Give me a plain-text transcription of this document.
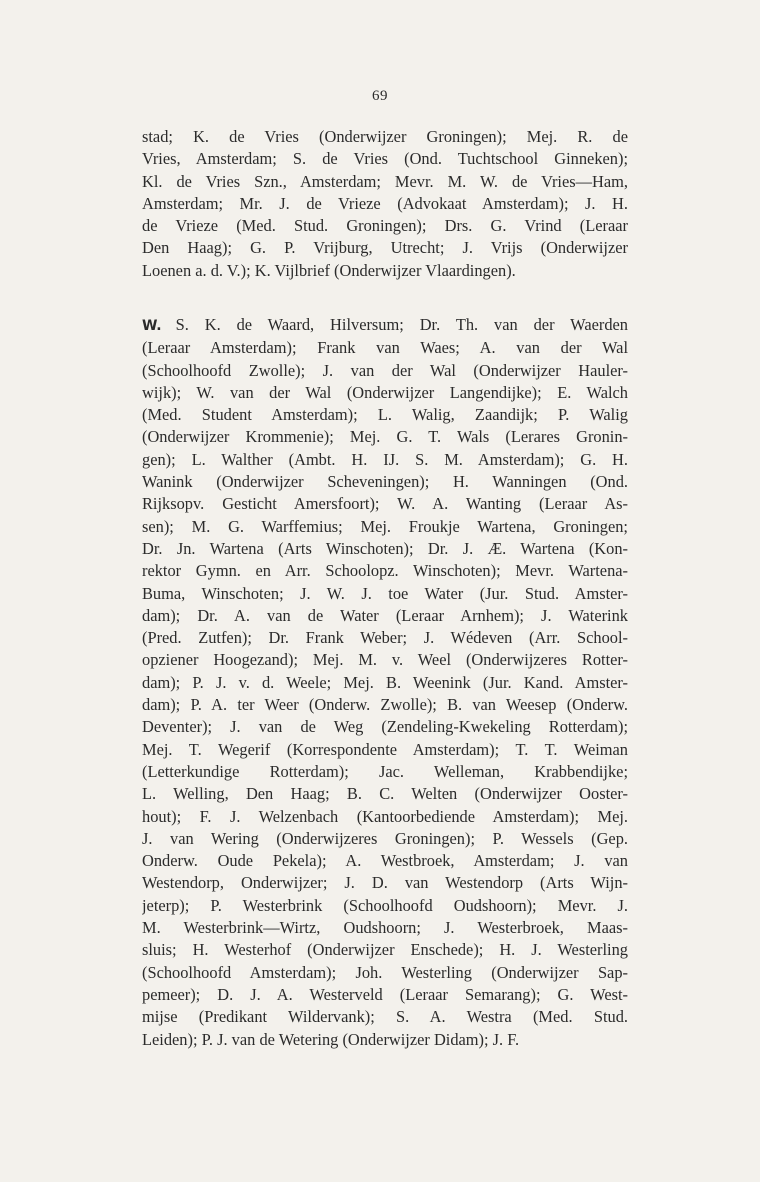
69
stad; K. de Vries (Onderwijzer Groningen); Mej. R. de
Vries, Amsterdam; S. de Vries (Ond. Tuchtschool Ginneken);
Kl. de Vries Szn., Amsterdam; Mevr. M. W. de Vries—Ham,
Amsterdam; Mr. J. de Vrieze (Advokaat Amsterdam); J. H.
de Vrieze (Med. Stud. Groningen); Drs. G. Vrind (Leraar
Den Haag); G. P. Vrijburg, Utrecht; J. Vrijs (Onderwijzer
Loenen a. d. V.); K. Vijlbrief (Onderwijzer Vlaardingen).
W. S. K. de Waard, Hilversum; Dr. Th. van der Waerden
(Leraar Amsterdam); Frank van Waes; A. van der Wal
(Schoolhoofd Zwolle); J. van der Wal (Onderwijzer Hauler-
wijk); W. van der Wal (Onderwijzer Langendijke); E. Walch
(Med. Student Amsterdam); L. Walig, Zaandijk; P. Walig
(Onderwijzer Krommenie); Mej. G. T. Wals (Lerares Gronin-
gen); L. Walther (Ambt. H. IJ. S. M. Amsterdam); G. H.
Wanink (Onderwijzer Scheveningen); H. Wanningen (Ond.
Rijksopv. Gesticht Amersfoort); W. A. Wanting (Leraar As-
sen); M. G. Warffemius; Mej. Froukje Wartena, Groningen;
Dr. Jn. Wartena (Arts Winschoten); Dr. J. Æ. Wartena (Kon-
rektor Gymn. en Arr. Schoolopz. Winschoten); Mevr. Wartena-
Buma, Winschoten; J. W. J. toe Water (Jur. Stud. Amster-
dam); Dr. A. van de Water (Leraar Arnhem); J. Waterink
(Pred. Zutfen); Dr. Frank Weber; J. Wédeven (Arr. School-
opziener Hoogezand); Mej. M. v. Weel (Onderwijzeres Rotter-
dam); P. J. v. d. Weele; Mej. B. Weenink (Jur. Kand. Amster-
dam); P. A. ter Weer (Onderw. Zwolle); B. van Weesep (Onderw.
Deventer); J. van de Weg (Zendeling-Kwekeling Rotterdam);
Mej. T. Wegerif (Korrespondente Amsterdam); T. T. Weiman
(Letterkundige Rotterdam); Jac. Welleman, Krabbendijke;
L. Welling, Den Haag; B. C. Welten (Onderwijzer Ooster-
hout); F. J. Welzenbach (Kantoorbediende Amsterdam); Mej.
J. van Wering (Onderwijzeres Groningen); P. Wessels (Gep.
Onderw. Oude Pekela); A. Westbroek, Amsterdam; J. van
Westendorp, Onderwijzer; J. D. van Westendorp (Arts Wijn-
jeterp); P. Westerbrink (Schoolhoofd Oudshoorn); Mevr. J.
M. Westerbrink—Wirtz, Oudshoorn; J. Westerbroek, Maas-
sluis; H. Westerhof (Onderwijzer Enschede); H. J. Westerling
(Schoolhoofd Amsterdam); Joh. Westerling (Onderwijzer Sap-
pemeer); D. J. A. Westerveld (Leraar Semarang); G. West-
mijse (Predikant Wildervank); S. A. Westra (Med. Stud.
Leiden); P. J. van de Wetering (Onderwijzer Didam); J. F.
